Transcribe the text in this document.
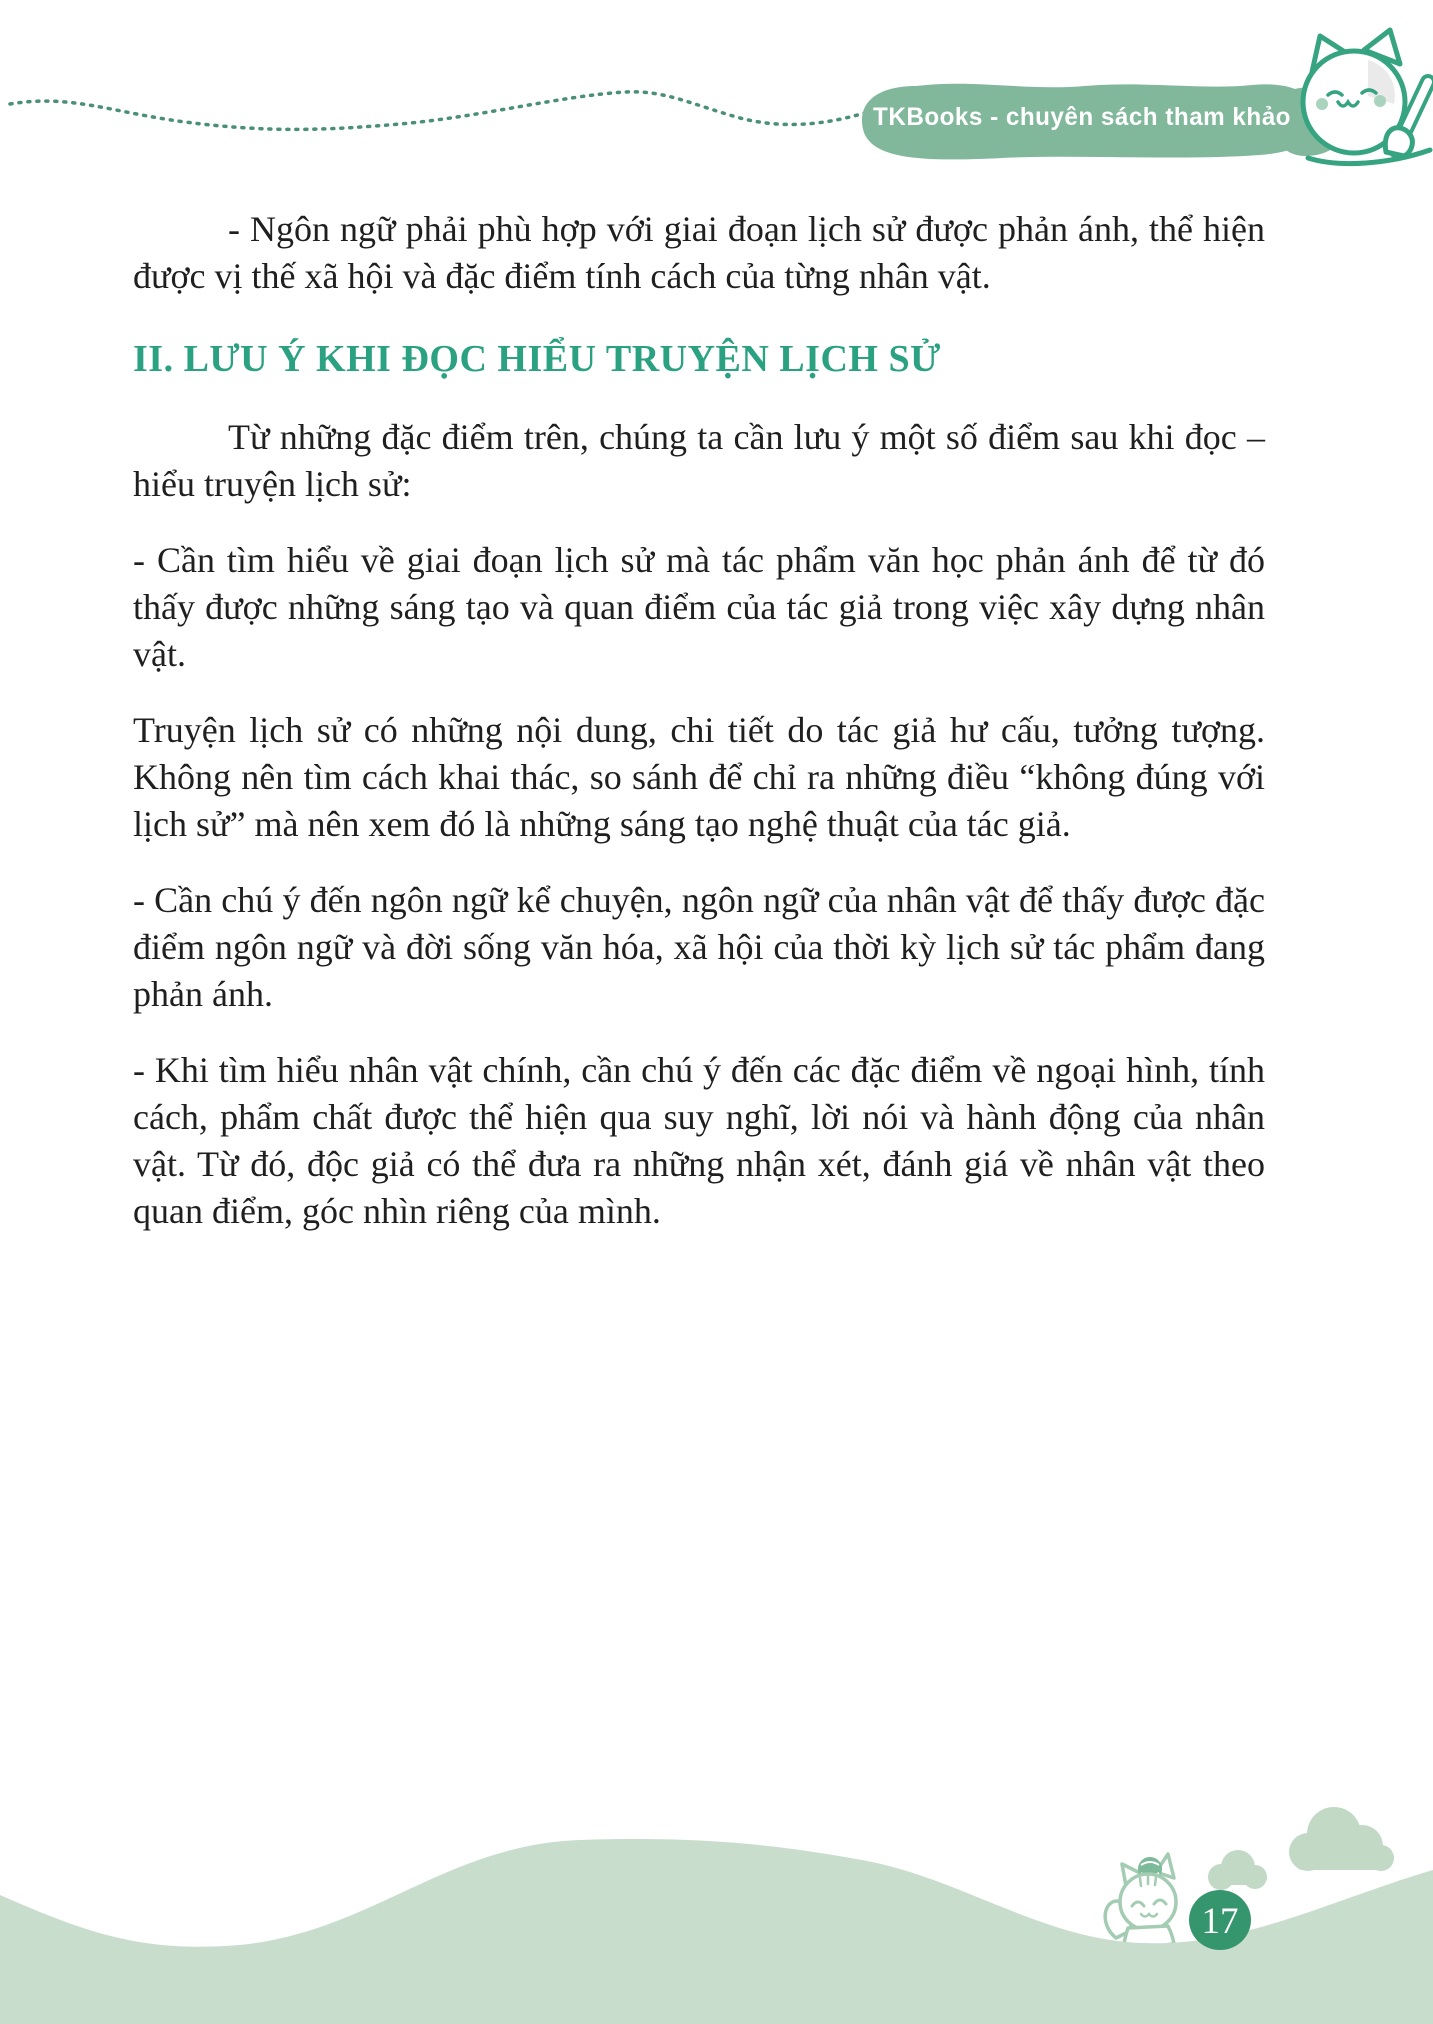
TKBooks - chuyên sách tham khảo

- Ngôn ngữ phải phù hợp với giai đoạn lịch sử được phản ánh, thể hiện được vị thế xã hội và đặc điểm tính cách của từng nhân vật.

II. LƯU Ý KHI ĐỌC HIỂU TRUYỆN LỊCH SỬ

Từ những đặc điểm trên, chúng ta cần lưu ý một số điểm sau khi đọc – hiểu truyện lịch sử:

- Cần tìm hiểu về giai đoạn lịch sử mà tác phẩm văn học phản ánh để từ đó thấy được những sáng tạo và quan điểm của tác giả trong việc xây dựng nhân vật.

Truyện lịch sử có những nội dung, chi tiết do tác giả hư cấu, tưởng tượng. Không nên tìm cách khai thác, so sánh để chỉ ra những điều “không đúng với lịch sử” mà nên xem đó là những sáng tạo nghệ thuật của tác giả.

- Cần chú ý đến ngôn ngữ kể chuyện, ngôn ngữ của nhân vật để thấy được đặc điểm ngôn ngữ và đời sống văn hóa, xã hội của thời kỳ lịch sử tác phẩm đang phản ánh.

- Khi tìm hiểu nhân vật chính, cần chú ý đến các đặc điểm về ngoại hình, tính cách, phẩm chất được thể hiện qua suy nghĩ, lời nói và hành động của nhân vật. Từ đó, độc giả có thể đưa ra những nhận xét, đánh giá về nhân vật theo quan điểm, góc nhìn riêng của mình.

17
